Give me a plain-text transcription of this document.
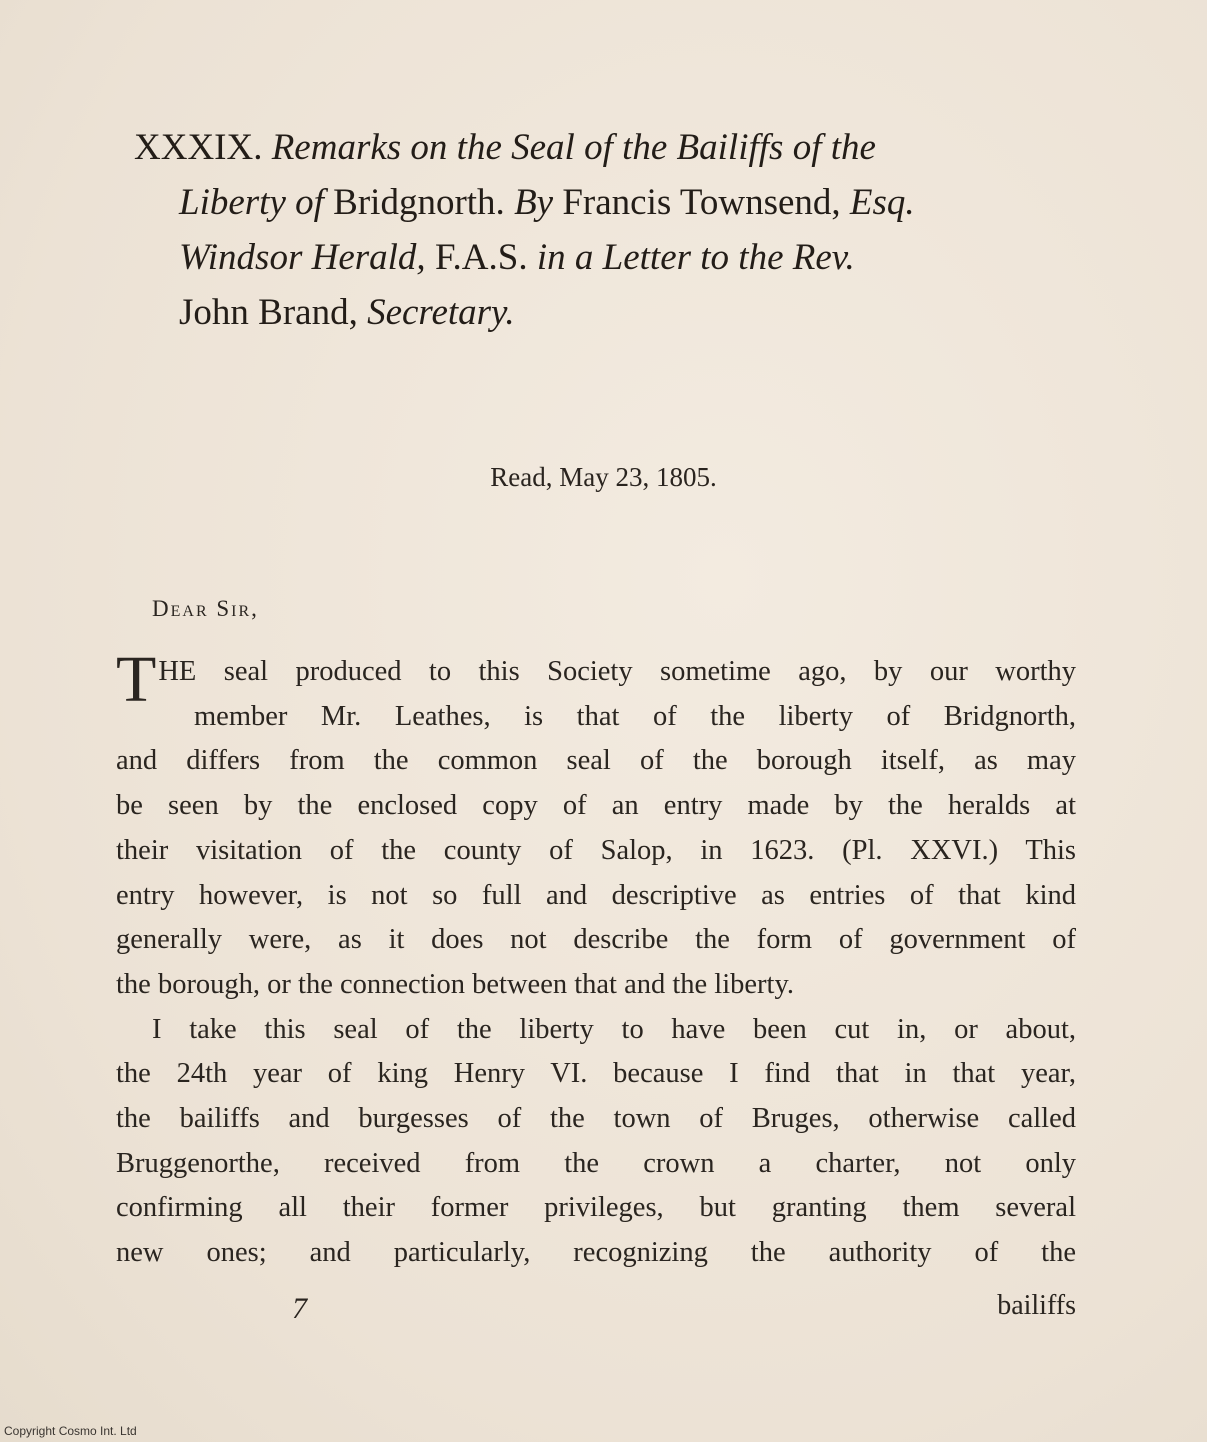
XXXIX. Remarks on the Seal of the Bailiffs of the
Liberty of Bridgnorth. By Francis Townsend, Esq.
Windsor Herald, F.A.S. in a Letter to the Rev.
John Brand, Secretary.
Read, May 23, 1805.
Dear Sir,
T HE seal produced to this Society sometime ago, by our worthy
member Mr. Leathes, is that of the liberty of Bridgnorth,
and differs from the common seal of the borough itself, as may
be seen by the enclosed copy of an entry made by the heralds at
their visitation of the county of Salop, in 1623. (Pl. XXVI.) This
entry however, is not so full and descriptive as entries of that kind
generally were, as it does not describe the form of government of
the borough, or the connection between that and the liberty.
I take this seal of the liberty to have been cut in, or about,
the 24th year of king Henry VI. because I find that in that year,
the bailiffs and burgesses of the town of Bruges, otherwise called
Bruggenorthe, received from the crown a charter, not only
confirming all their former privileges, but granting them several
new ones; and particularly, recognizing the authority of the
7	bailiffs
Copyright Cosmo Int. Ltd
